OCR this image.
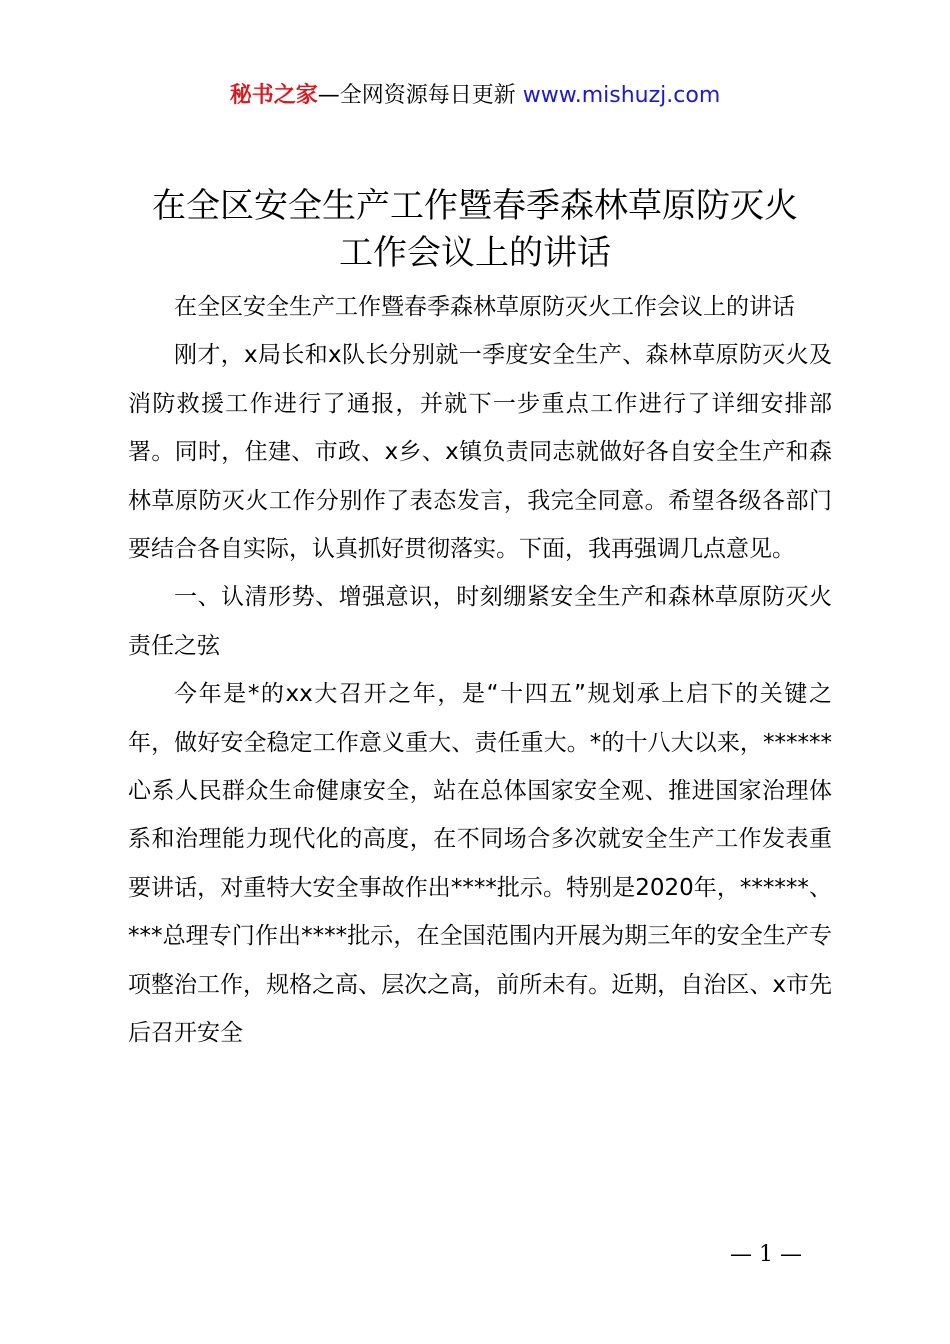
秘书之家—全网资源每日更新 www.mishuzj.com
在全区安全生产工作暨春季森林草原防灭火
工作会议上的讲话

在全区安全生产工作暨春季森林草原防灭火工作会议上的讲话

刚才，x局长和x队长分别就一季度安全生产、森林草原防灭火及消防救援工作进行了通报，并就下一步重点工作进行了详细安排部署。同时，住建、市政、x乡、x镇负责同志就做好各自安全生产和森林草原防灭火工作分别作了表态发言，我完全同意。希望各级各部门要结合各自实际，认真抓好贯彻落实。下面，我再强调几点意见。

一、认清形势、增强意识，时刻绷紧安全生产和森林草原防灭火责任之弦

今年是*的xx大召开之年，是“十四五”规划承上启下的关键之年，做好安全稳定工作意义重大、责任重大。*的十八大以来，******心系人民群众生命健康安全，站在总体国家安全观、推进国家治理体系和治理能力现代化的高度，在不同场合多次就安全生产工作发表重要讲话，对重特大安全事故作出****批示。特别是2020年，******、***总理专门作出****批示，在全国范围内开展为期三年的安全生产专项整治工作，规格之高、层次之高，前所未有。近期，自治区、x市先后召开安全

— 1 —
